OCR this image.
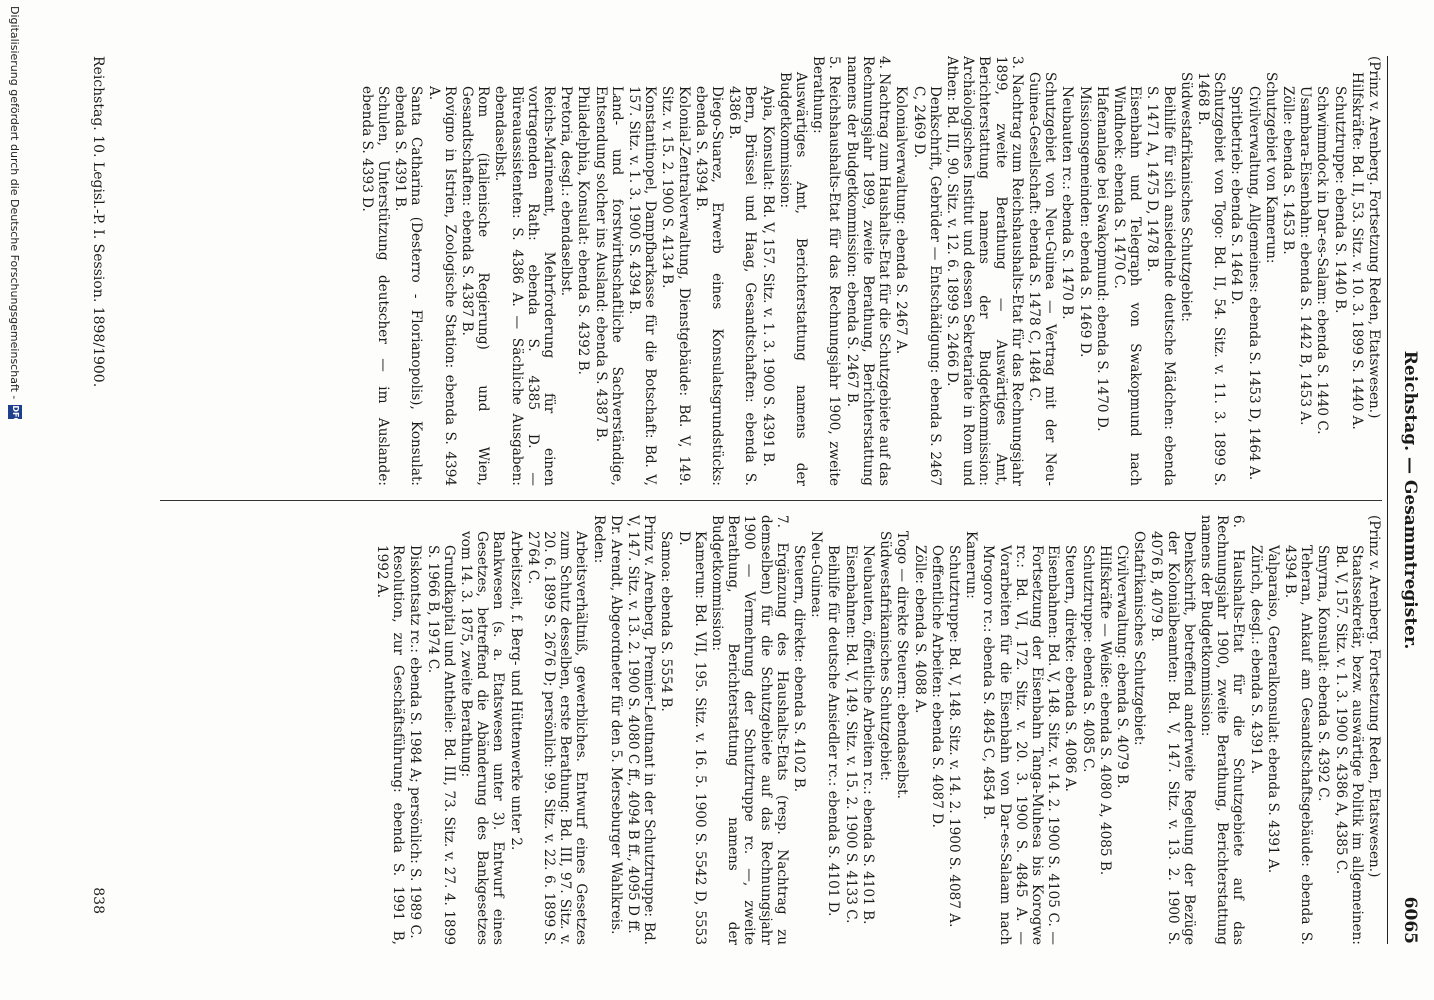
Reichstag. — Gesammtregister.
6065

(Prinz v. Arenberg. Fortsetzung Reden, Etatswesen.)

Hilfskräfte: Bd. II, 53. Sitz. v. 10. 3. 1899 S. 1440 A.

Schutztruppe: ebenda S. 1440 B.

Schwimmdock in Dar-es-Salam: ebenda S. 1440 C.

Usambara-Eisenbahn: ebenda S. 1442 B, 1453 A.

Zölle: ebenda S. 1453 B.

Schutzgebiet von Kamerun:

Civilverwaltung, Allgemeines: ebenda S. 1453 D, 1464 A.

Spritbetrieb: ebenda S. 1464 D.

Schutzgebiet von Togo: Bd. II, 54. Sitz. v. 11. 3. 1899 S. 1468 B.

Südwestafrikanisches Schutzgebiet:

Beihilfe für sich ansiedelnde deutsche Mädchen: ebenda S. 1471 A, 1475 D, 1478 B.

Eisenbahn und Telegraph von Swakopmund nach Windhoek: ebenda S. 1470 C.

Hafenanlage bei Swakopmund: ebenda S. 1470 D.

Missionsgemeinden: ebenda S. 1469 D.

Neubauten rc.: ebenda S. 1470 B.

Schutzgebiet von Neu-Guinea — Vertrag mit der Neu-Guinea-Gesellschaft: ebenda S. 1478 C, 1484 C.

3. Nachtrag zum Reichshaushalts-Etat für das Rechnungsjahr 1899, zweite Berathung — Auswärtiges Amt, Berichterstattung namens der Budgetkommission: Archäologisches Institut und dessen Sekretariate in Rom und Athen: Bd. III, 90. Sitz. v. 12. 6. 1899 S. 2466 D.

Denkschrift, Gebrüder — Entschädigung: ebenda S. 2467 C, 2469 D.

Kolonialverwaltung: ebenda S. 2467 A.

4. Nachtrag zum Haushalts-Etat für die Schutzgebiete auf das Rechnungsjahr 1899, zweite Berathung, Berichterstattung namens der Budgetkommission: ebenda S. 2467 B.

5. Reichshaushalts-Etat für das Rechnungsjahr 1900, zweite Berathung:

Auswärtiges Amt, Berichterstattung namens der Budgetkommission:

Apia, Konsulat: Bd. V, 157. Sitz. v. 1. 3. 1900 S. 4391 B.

Bern, Brüssel und Haag, Gesandtschaften: ebenda S. 4386 B.

Diego-Suarez, Erwerb eines Konsulatsgrundstücks: ebenda S. 4394 B.

Kolonial-Zentralverwaltung, Dienstgebäude: Bd. V, 149. Sitz. v. 15. 2. 1900 S. 4134 B.

Konstantinopel, Dampfbarkasse für die Botschaft: Bd. V, 157. Sitz. v. 1. 3. 1900 S. 4394 B.

Land- und forstwirthschaftliche Sachverständige, Entsendung solcher ins Ausland: ebenda S. 4387 B.

Philadelphia, Konsulat: ebenda S. 4392 B.

Pretoria, desgl.: ebendaselbst.

Reichs-Marineamt, Mehrforderung für einen vortragenden Rath: ebenda S. 4385 D. — Büreauassistenten: S. 4386 A. — Sächliche Ausgaben: ebendaselbst.

Rom (italienische Regierung) und Wien, Gesandtschaften: ebenda S. 4387 B.

Rovigno in Istrien, Zoologische Station: ebenda S. 4394 A.

Santa Catharina (Desterro - Florianopolis), Konsulat: ebenda S. 4391 B.

Schulen, Unterstützung deutscher — im Auslande: ebenda S. 4393 D.

(Prinz v. Arenberg. Fortsetzung Reden, Etatswesen.)

Staatssekretär, bezw. auswärtige Politik im allgemeinen: Bd. V, 157. Sitz. v. 1. 3. 1900 S. 4386 A, 4385 C.

Smyrna, Konsulat: ebenda S. 4392 C.

Teheran, Ankauf am Gesandtschaftsgebäude: ebenda S. 4394 B.

Valparaiso, Generalkonsulat: ebenda S. 4391 A.

Zürich, desgl.: ebenda S. 4391 A.

6. Haushalts-Etat für die Schutzgebiete auf das Rechnungsjahr 1900, zweite Berathung, Berichterstattung namens der Budgetkommission:

Denkschrift, betreffend anderweite Regelung der Bezüge der Kolonialbeamten: Bd. V, 147. Sitz. v. 13. 2. 1900 S. 4076 B, 4079 B.

Ostafrikanisches Schutzgebiet:

Civilverwaltung: ebenda S. 4079 B.

Hilfskräfte — Weiße: ebenda S. 4080 A, 4085 B.

Schutztruppe: ebenda S. 4085 C.

Steuern, direkte: ebenda S. 4086 A.

Eisenbahnen: Bd. V, 148. Sitz. v. 14. 2. 1900 S. 4105 C. — Fortsetzung der Eisenbahn Tanga-Muhesa bis Korogwe rc.: Bd. VI, 172. Sitz. v. 20. 3. 1900 S. 4845 A. — Vorarbeiten für die Eisenbahn von Dar-es-Salaam nach Mrogoro rc.: ebenda S. 4845 C, 4854 B.

Kamerun:

Schutztruppe: Bd. V, 148. Sitz. v. 14. 2. 1900 S. 4087 A.

Oeffentliche Arbeiten: ebenda S. 4087 D.

Zölle: ebenda S. 4088 A.

Togo — direkte Steuern: ebendaselbst.

Südwestafrikanisches Schutzgebiet:

Neubauten, öffentliche Arbeiten rc.: ebenda S. 4101 B.

Eisenbahnen: Bd. V, 149. Sitz. v. 15. 2. 1900 S. 4133 C.

Beihilfe für deutsche Ansiedler rc.: ebenda S. 4101 D.

Neu-Guinea:

Steuern, direkte: ebenda S. 4102 B.

7. Ergänzung des Haushalts-Etats (resp. Nachtrag zu demselben) für die Schutzgebiete auf das Rechnungsjahr 1900 — Vermehrung der Schutztruppe rc. —, zweite Berathung, Berichterstattung namens der Budgetkommission:

Kamerun: Bd. VII, 195. Sitz. v. 16. 5. 1900 S. 5542 D, 5553 D.

Samoa: ebenda S. 5554 B.

Prinz v. Arenberg, Premier-Leutnant in der Schutztruppe: Bd. V, 147. Sitz. v. 13. 2. 1900 S. 4080 C ff., 4094 B ff., 4095 D ff.

Dr. Arendt, Abgeordneter für den 5. Merseburger Wahlkreis.

Reden:

Arbeitsverhältniß, gewerbliches. Entwurf eines Gesetzes zum Schutz desselben, erste Berathung: Bd. III, 97. Sitz. v. 20. 6. 1899 S. 2676 D; persönlich: 99. Sitz. v. 22. 6. 1899 S. 2764 C.

Arbeitszeit, f. Berg- und Hüttenwerke unter 2.

Bankwesen (s. a. Etatswesen unter 3). Entwurf eines Gesetzes, betreffend die Abänderung des Bankgesetzes vom 14. 3. 1875, zweite Berathung:

Grundkapital und Antheile: Bd. III, 73. Sitz. v. 27. 4. 1899 S. 1966 B, 1974 C.

Diskontsatz rc.: ebenda S. 1984 A; persönlich: S. 1989 C.

Resolution, zur Geschäftsführung: ebenda S. 1991 B, 1992 A.

Reichstag. 10. Legisl.-P. I. Session. 1898/1900.
838
Digitalisierung gefördert durch die Deutsche Forschungsgemeinschaft -
DFG
